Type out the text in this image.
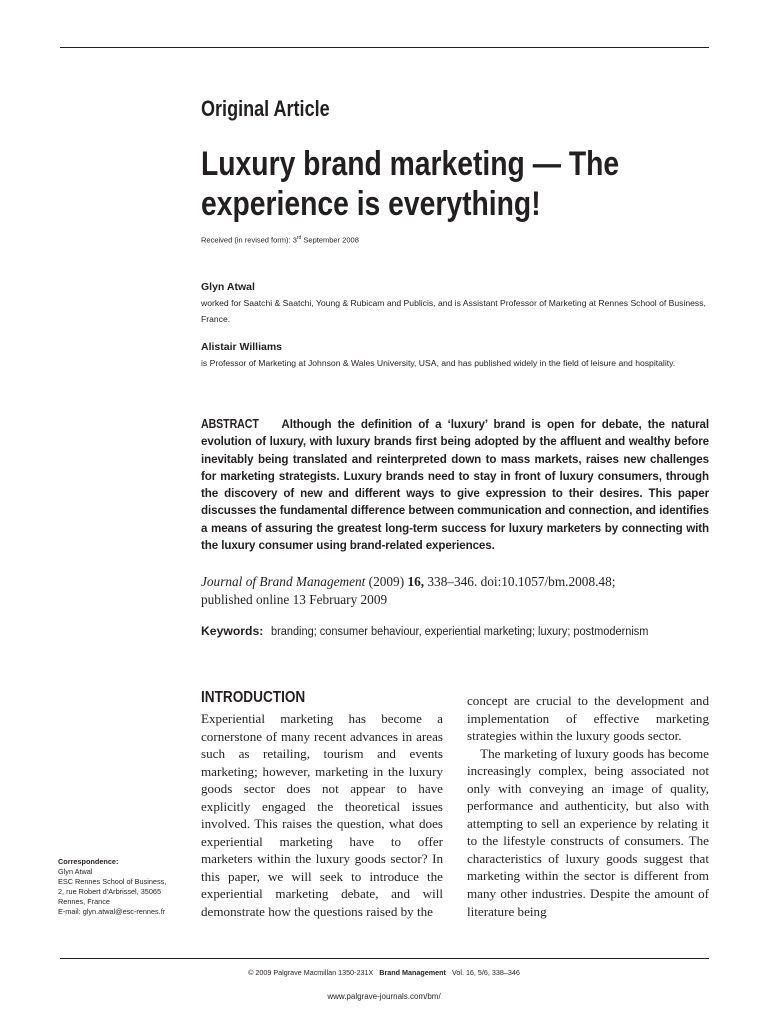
Original Article
Luxury brand marketing — The
experience is everything!
Received (in revised form): 3rd September 2008
Glyn Atwal
worked for Saatchi & Saatchi, Young & Rubicam and Publicis, and is Assistant Professor of Marketing at Rennes School of Business, France.
Alistair Williams
is Professor of Marketing at Johnson & Wales University, USA, and has published widely in the field of leisure and hospitality.
ABSTRACT Although the definition of a ‘luxury’ brand is open for debate, the natural evolution of luxury, with luxury brands first being adopted by the affluent and wealthy before inevitably being translated and reinterpreted down to mass markets, raises new challenges for marketing strategists. Luxury brands need to stay in front of luxury consumers, through the discovery of new and different ways to give expression to their desires. This paper discusses the fundamental difference between communication and connection, and identifies a means of assuring the greatest long-term success for luxury marketers by connecting with the luxury consumer using brand-related experiences.
Journal of Brand Management (2009) 16, 338–346. doi:10.1057/bm.2008.48;
published online 13 February 2009
Keywords: branding; consumer behaviour, experiential marketing; luxury; postmodernism
INTRODUCTION

Experiential marketing has become a cornerstone of many recent advances in areas such as retailing, tourism and events marketing; however, marketing in the luxury goods sector does not appear to have explicitly engaged the theoretical issues involved. This raises the question, what does experiential marketing have to offer marketers within the luxury goods sector? In this paper, we will seek to introduce the experiential marketing debate, and will demonstrate how the questions raised by the

concept are crucial to the development and implementation of effective marketing strategies within the luxury goods sector.

The marketing of luxury goods has become increasingly complex, being associated not only with conveying an image of quality, performance and authenticity, but also with attempting to sell an experience by relating it to the lifestyle constructs of consumers. The characteristics of luxury goods suggest that marketing within the sector is different from many other industries. Despite the amount of literature being

Correspondence:
Glyn Atwal
ESC Rennes School of Business,
2, rue Robert d’Arbrissel, 35065
Rennes, France
E-mail: glyn.atwal@esc-rennes.fr
© 2009 Palgrave Macmillan 1350-231X Brand Management Vol. 16, 5/6, 338–346
www.palgrave-journals.com/bm/
